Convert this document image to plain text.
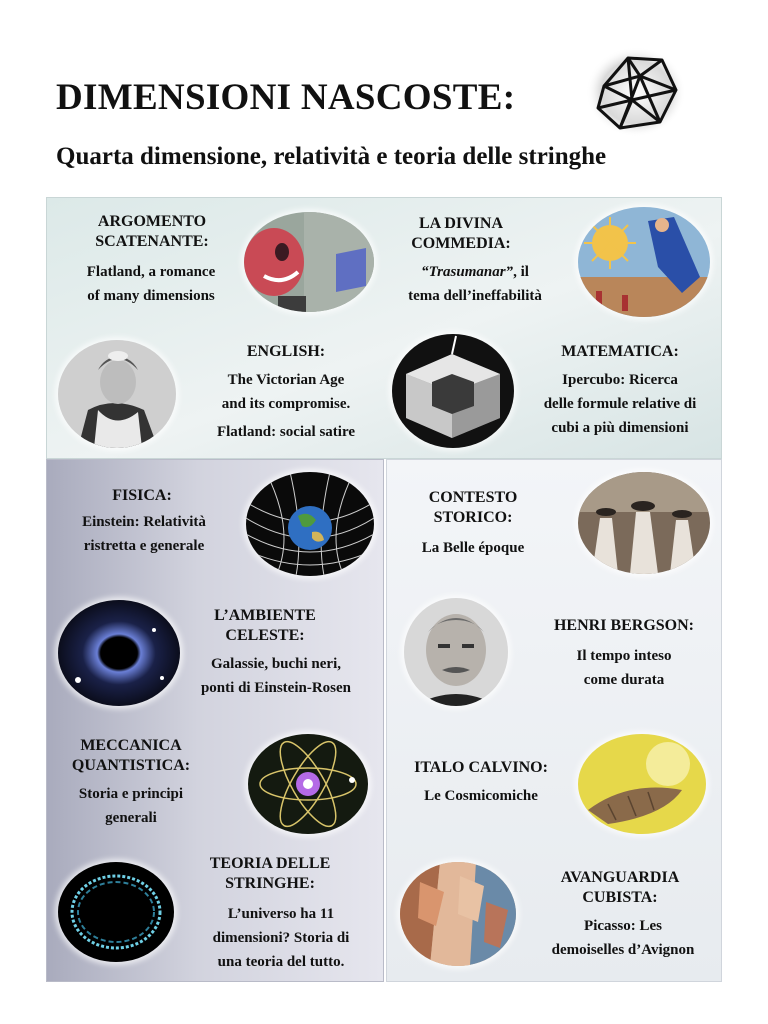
DIMENSIONI NASCOSTE:
Quarta dimensione, relatività e teoria delle stringhe
ARGOMENTO
SCATENANTE:
Flatland, a romance
of many dimensions
LA DIVINA
COMMEDIA:
“Trasumanar”, il
tema dell’ineffabilità
ENGLISH:
The Victorian Age
and its compromise.
Flatland: social satire
MATEMATICA:
Ipercubo: Ricerca
delle formule relative di
cubi a più dimensioni
FISICA:
Einstein: Relatività
ristretta e generale
L’AMBIENTE
CELESTE:
Galassie, buchi neri,
ponti di Einstein-Rosen
MECCANICA
QUANTISTICA:
Storia e principi
generali
TEORIA DELLE
STRINGHE:
L’universo ha 11
dimensioni? Storia di
una teoria del tutto.
CONTESTO
STORICO:
La Belle époque
HENRI BERGSON:
Il tempo inteso
come durata
ITALO CALVINO:
Le Cosmicomiche
AVANGUARDIA
CUBISTA:
Picasso: Les
demoiselles d’Avignon
